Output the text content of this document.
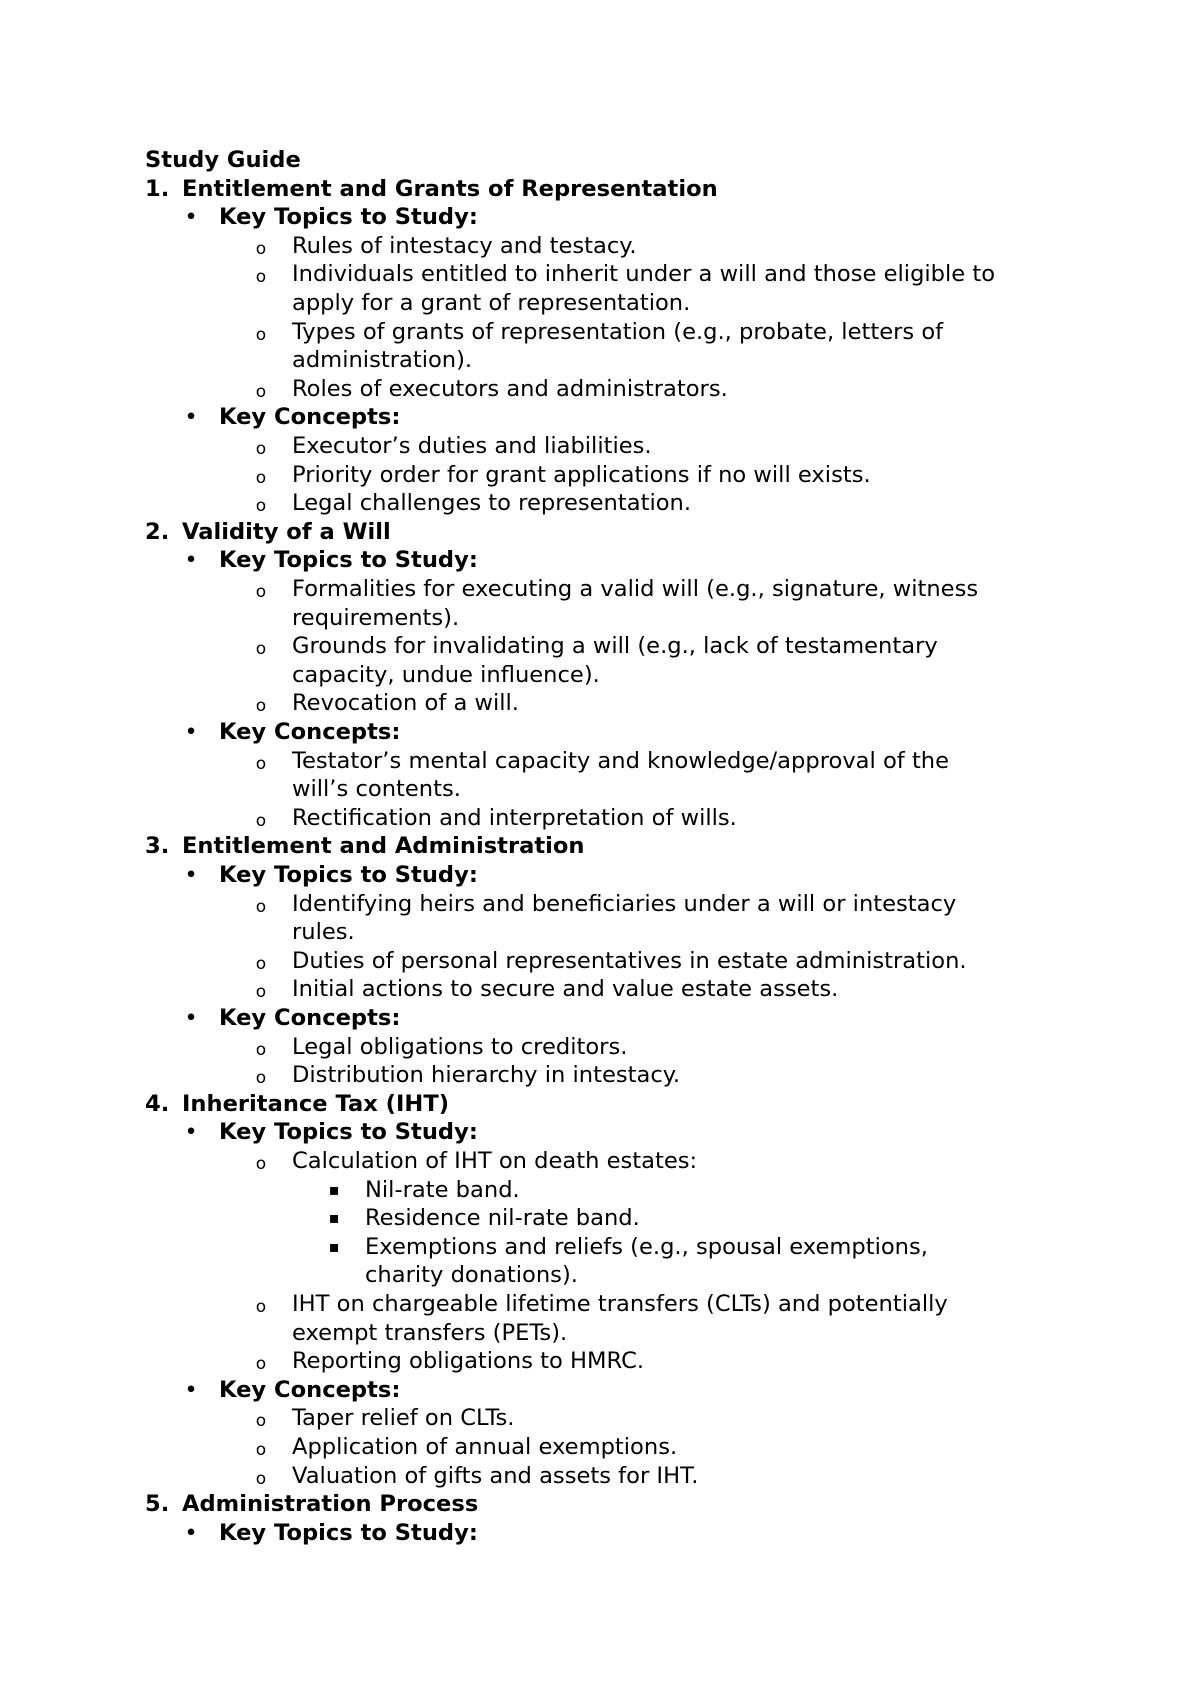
Study Guide
1. Entitlement and Grants of Representation
• Key Topics to Study:
o Rules of intestacy and testacy.
o Individuals entitled to inherit under a will and those eligible to
apply for a grant of representation.
o Types of grants of representation (e.g., probate, letters of
administration).
o Roles of executors and administrators.
• Key Concepts:
o Executor’s duties and liabilities.
o Priority order for grant applications if no will exists.
o Legal challenges to representation.
2. Validity of a Will
• Key Topics to Study:
o Formalities for executing a valid will (e.g., signature, witness
requirements).
o Grounds for invalidating a will (e.g., lack of testamentary
capacity, undue influence).
o Revocation of a will.
• Key Concepts:
o Testator’s mental capacity and knowledge/approval of the
will’s contents.
o Rectification and interpretation of wills.
3. Entitlement and Administration
• Key Topics to Study:
o Identifying heirs and beneficiaries under a will or intestacy
rules.
o Duties of personal representatives in estate administration.
o Initial actions to secure and value estate assets.
• Key Concepts:
o Legal obligations to creditors.
o Distribution hierarchy in intestacy.
4. Inheritance Tax (IHT)
• Key Topics to Study:
o Calculation of IHT on death estates:
▪ Nil-rate band.
▪ Residence nil-rate band.
▪ Exemptions and reliefs (e.g., spousal exemptions,
charity donations).
o IHT on chargeable lifetime transfers (CLTs) and potentially
exempt transfers (PETs).
o Reporting obligations to HMRC.
• Key Concepts:
o Taper relief on CLTs.
o Application of annual exemptions.
o Valuation of gifts and assets for IHT.
5. Administration Process
• Key Topics to Study:
